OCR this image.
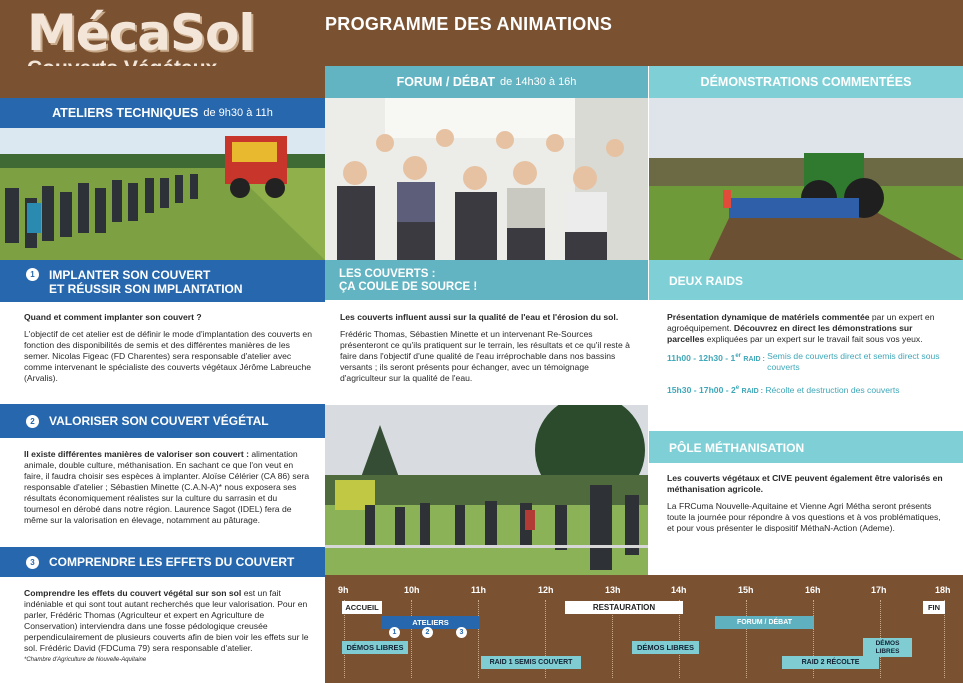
MécaSol	PROGRAMME DES ANIMATIONS
ATELIERS TECHNIQUES de 9h30 à 11h
FORUM / DÉBAT de 14h30 à 16h	DÉMONSTRATIONS COMMENTÉES
1	IMPLANTER SON COUVERT
ET RÉUSSIR SON IMPLANTATION

Quand et comment implanter son couvert ?

L'objectif de cet atelier est de définir le mode d'implantation des couverts en fonction des disponibilités de semis et des différentes manières de les semer. Nicolas Figeac (FD Charentes) sera responsable d'atelier avec comme intervenant le spécialiste des couverts végétaux Jérôme Labreuche (Arvalis).

2	VALORISER SON COUVERT VÉGÉTAL

Il existe différentes manières de valoriser son couvert : alimentation animale, double culture, méthanisation. En sachant ce que l'on veut en faire, il faudra choisir ses espèces à implanter. Aloïse Célérier (CA 86) sera responsable d'atelier ; Sébastien Minette (C.A.N-A)* nous exposera ses résultats économiquement réalistes sur la culture du sarrasin et du tournesol en dérobé dans notre région. Laurence Sagot (IDEL) fera de même sur la valorisation en élevage, notamment au pâturage.

3	COMPRENDRE LES EFFETS DU COUVERT

Comprendre les effets du couvert végétal sur son sol est un fait indéniable et qui sont tout autant recherchés que leur valorisation. Pour en parler, Frédéric Thomas (Agriculteur et expert en Agriculture de Conservation) interviendra dans une fosse pédologique creusée perpendiculairement de plusieurs couverts afin de bien voir les effets sur le sol. Frédéric David (FDCuma 79) sera responsable d'atelier.

*Chambre d'Agriculture de Nouvelle-Aquitaine
LES COUVERTS :
ÇA COULE DE SOURCE !

Les couverts influent aussi sur la qualité de l'eau et l'érosion du sol.

Frédéric Thomas, Sébastien Minette et un intervenant Re-Sources présenteront ce qu'ils pratiquent sur le terrain, les résultats et ce qu'il reste à faire dans l'objectif d'une qualité de l'eau irréprochable dans nos bassins versants ; ils seront présents pour échanger, avec un témoignage d'agriculteur sur la qualité de l'eau.

DEUX RAIDS

Présentation dynamique de matériels commentée par un expert en agroéquipement. Découvrez en direct les démonstrations sur parcelles expliquées par un expert sur le travail fait sous vos yeux.

11h00 - 12h30 - 1er RAID : Semis de couverts direct et semis direct sous couverts
15h30 - 17h00 - 2e RAID : Récolte et destruction des couverts
PÔLE MÉTHANISATION

Les couverts végétaux et CIVE peuvent également être valorisés en méthanisation agricole.

La FRCuma Nouvelle-Aquitaine et Vienne Agri Métha seront présents toute la journée pour répondre à vos questions et à vos problématiques, et pour vous présenter le dispositif MéthaN-Action (Ademe).

9h	10h	11h	12h	13h	14h	15h	16h	17h	18h
ACCUEIL
ATELIERS
1	2	3
RESTAURATION	FIN
FORUM / DÉBAT
DÉMOS LIBRES	DÉMOS LIBRES	DÉMOS
LIBRES
RAID 1 SEMIS COUVERT	RAID 2 RÉCOLTE
